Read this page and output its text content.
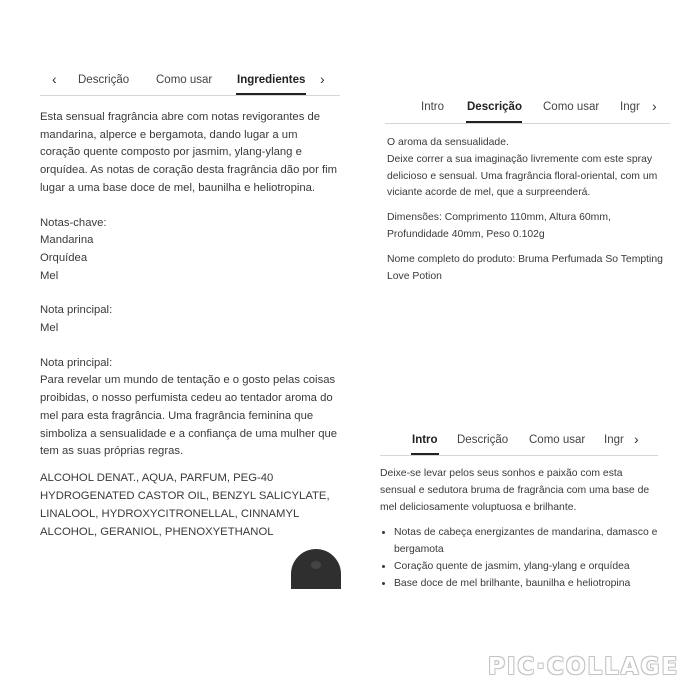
‹ Descrição Como usar Ingredientes ›

Esta sensual fragrância abre com notas revigorantes de mandarina, alperce e bergamota, dando lugar a um coração quente composto por jasmim, ylang-ylang e orquídea. As notas de coração desta fragrância dão por fim lugar a uma base doce de mel, baunilha e heliotropina.

Notas-chave:

Mandarina

Orquídea

Mel

Nota principal:

Mel

Nota principal:

Para revelar um mundo de tentação e o gosto pelas coisas proibidas, o nosso perfumista cedeu ao tentador aroma do mel para esta fragrância. Uma fragrância feminina que simboliza a sensualidade e a confiança de uma mulher que tem as suas próprias regras.

ALCOHOL DENAT., AQUA, PARFUM, PEG-40 HYDROGENATED CASTOR OIL, BENZYL SALICYLATE, LINALOOL, HYDROXYCITRONELLAL, CINNAMYL ALCOHOL, GERANIOL, PHENOXYETHANOL

Intro Descrição Como usar Ingr ›

O aroma da sensualidade.

Deixe correr a sua imaginação livremente com este spray delicioso e sensual. Uma fragrância floral-oriental, com um viciante acorde de mel, que a surpreenderá.

Dimensões: Comprimento 110mm, Altura 60mm, Profundidade 40mm, Peso 0.102g

Nome completo do produto: Bruma Perfumada So Tempting Love Potion

Intro Descrição Como usar Ingr ›

Deixe-se levar pelos seus sonhos e paixão com esta sensual e sedutora bruma de fragrância com uma base de mel deliciosamente voluptuosa e brilhante.

• Notas de cabeça energizantes de mandarina, damasco e bergamota
• Coração quente de jasmim, ylang-ylang e orquídea
• Base doce de mel brilhante, baunilha e heliotropina
PIC·COLLAGE
